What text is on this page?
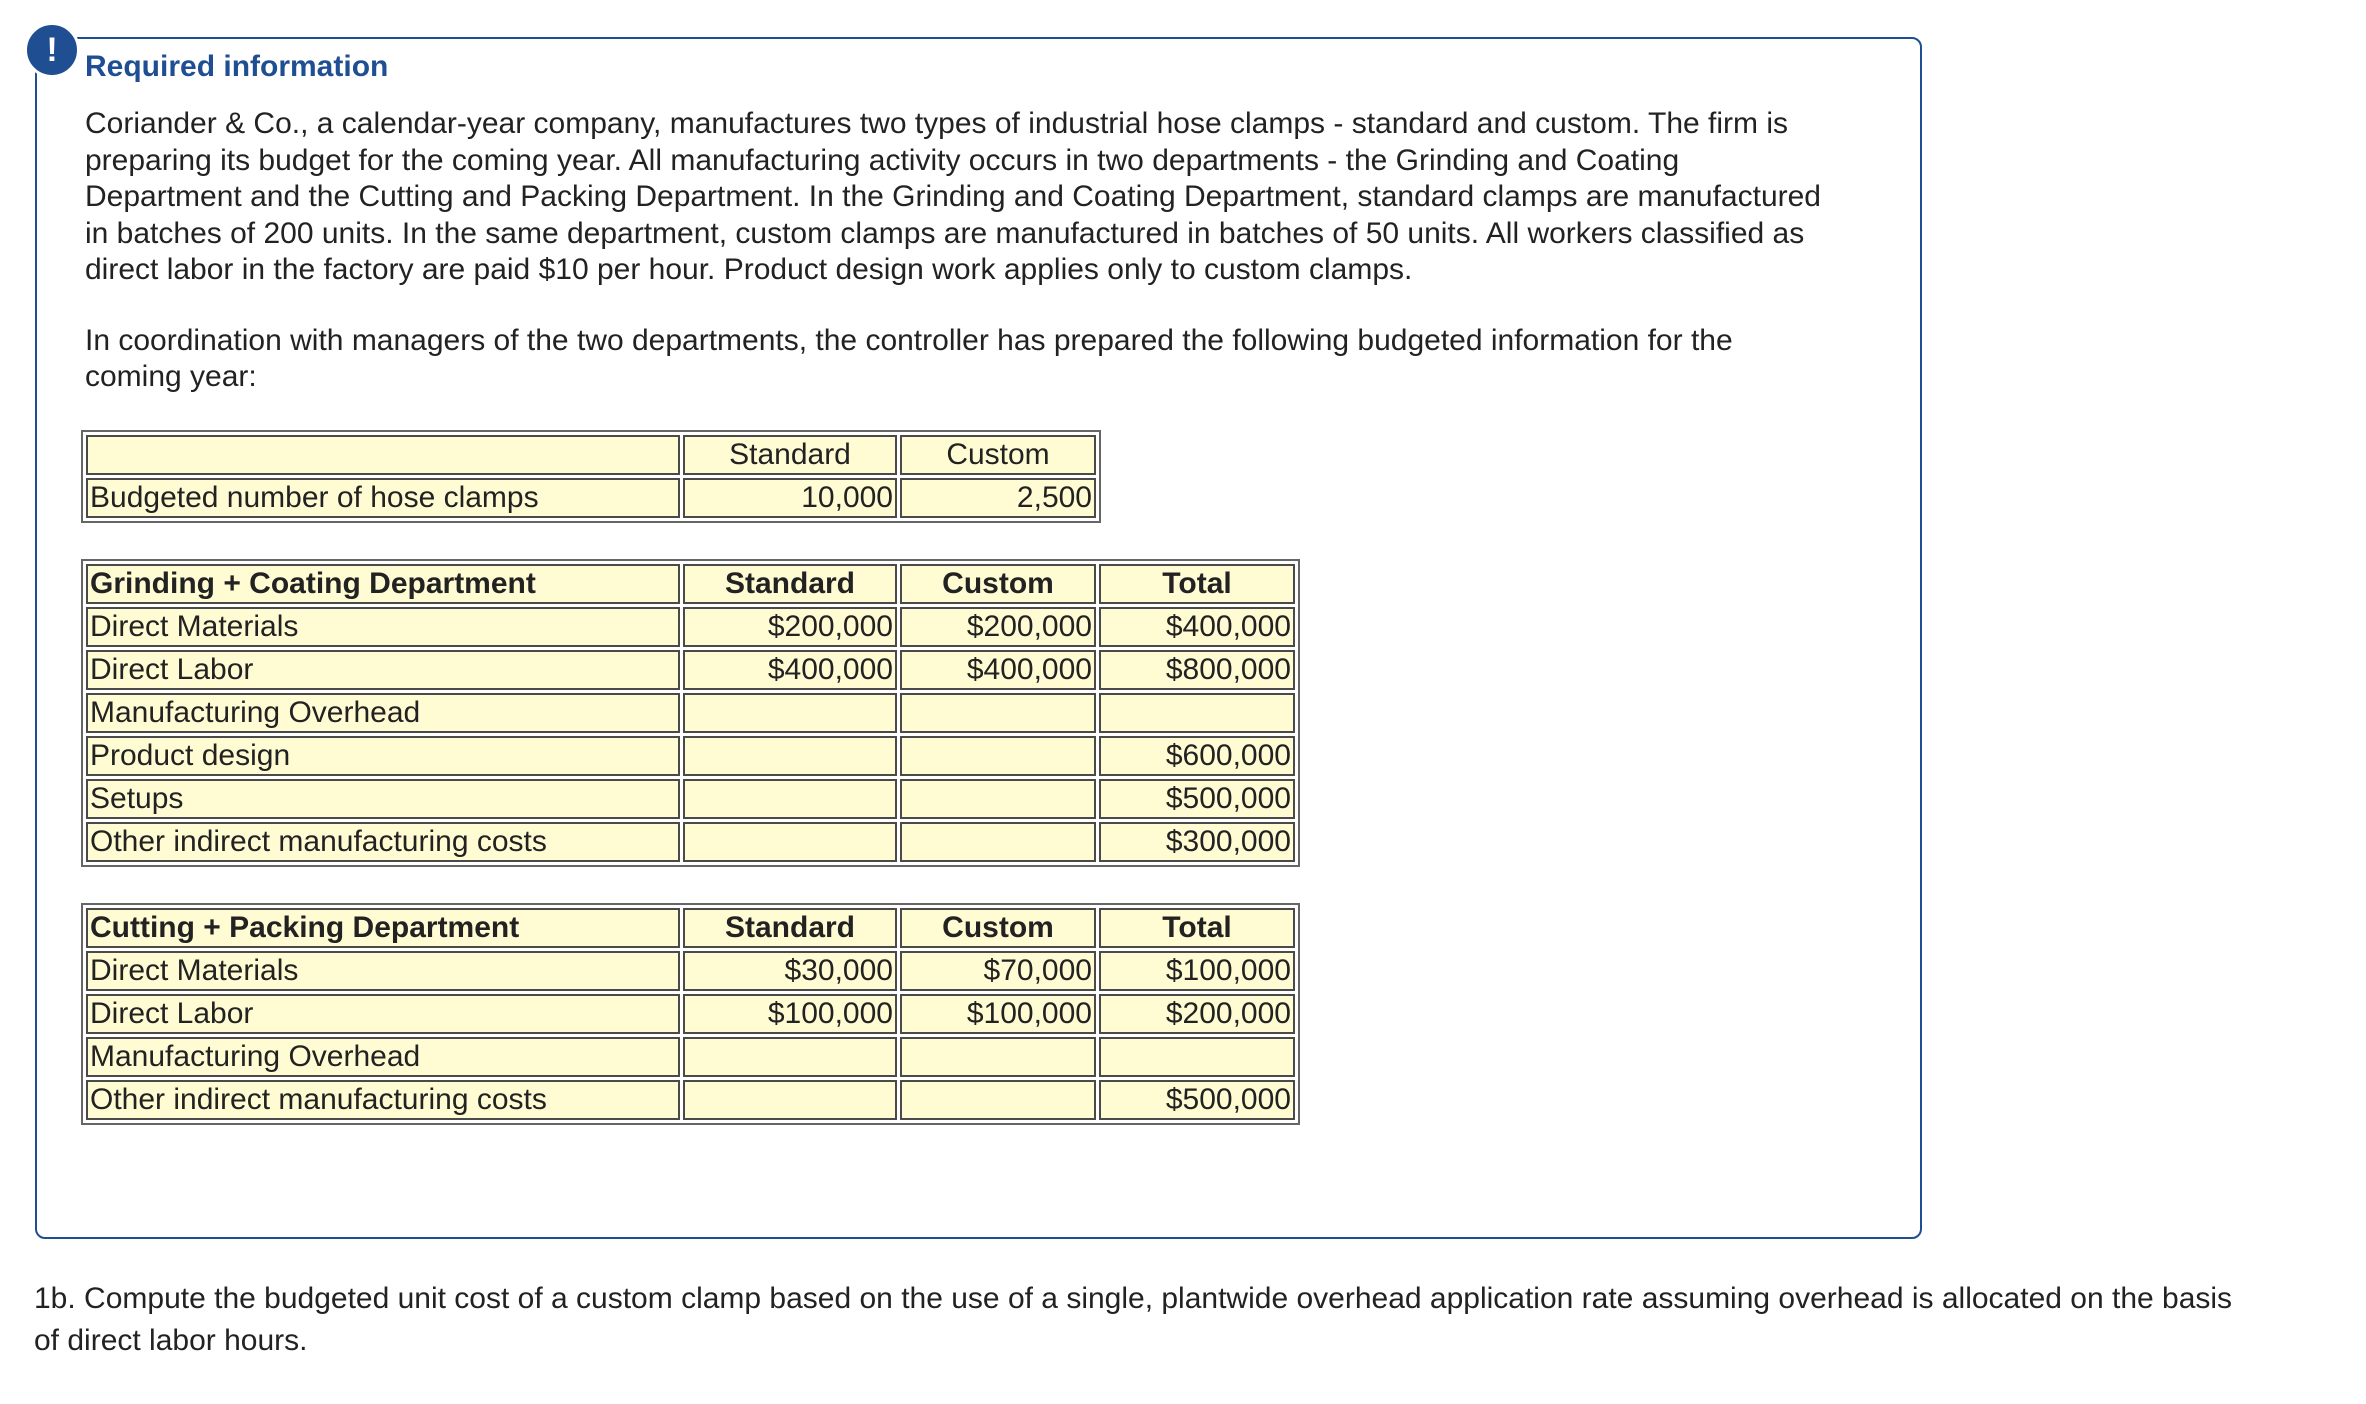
! Required information

Coriander & Co., a calendar-year company, manufactures two types of industrial hose clamps - standard and custom. The firm is preparing its budget for the coming year. All manufacturing activity occurs in two departments - the Grinding and Coating Department and the Cutting and Packing Department. In the Grinding and Coating Department, standard clamps are manufactured in batches of 200 units. In the same department, custom clamps are manufactured in batches of 50 units. All workers classified as direct labor in the factory are paid $10 per hour. Product design work applies only to custom clamps.

In coordination with managers of the two departments, the controller has prepared the following budgeted information for the coming year:

	Standard	Custom
Budgeted number of hose clamps	10,000	2,500
Grinding + Coating Department	Standard	Custom	Total
Direct Materials	$200,000	$200,000	$400,000
Direct Labor	$400,000	$400,000	$800,000
Manufacturing Overhead			
Product design			$600,000
Setups			$500,000
Other indirect manufacturing costs			$300,000
Cutting + Packing Department	Standard	Custom	Total
Direct Materials	$30,000	$70,000	$100,000
Direct Labor	$100,000	$100,000	$200,000
Manufacturing Overhead			
Other indirect manufacturing costs			$500,000
1b. Compute the budgeted unit cost of a custom clamp based on the use of a single, plantwide overhead application rate assuming overhead is allocated on the basis of direct labor hours.
